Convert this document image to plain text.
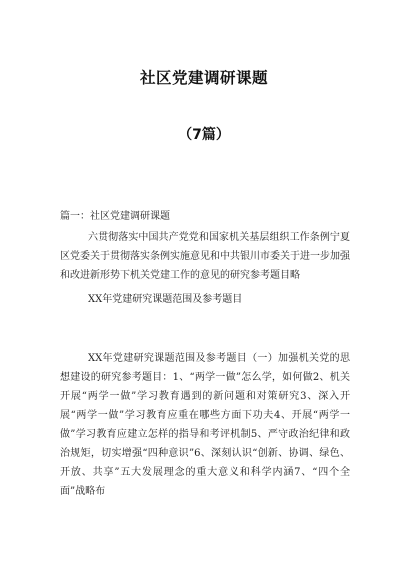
社区党建调研课题
（7篇）
篇一：社区党建调研课题
六贯彻落实中国共产党党和国家机关基层组织工作条例宁夏区党委关于贯彻落实条例实施意见和中共银川市委关于进一步加强和改进新形势下机关党建工作的意见的研究参考题目略
XX年党建研究课题范围及参考题目
XX年党建研究课题范围及参考题目（一）加强机关党的思想建设的研究参考题目：1、“两学一做”怎么学，如何做2、机关开展“两学一做”学习教育遇到的新问题和对策研究3、深入开展“两学一做”学习教育应重在哪些方面下功夫4、开展“两学一做”学习教育应建立怎样的指导和考评机制5、严守政治纪律和政治规矩，切实增强“四种意识”6、深刻认识“创新、协调、绿色、开放、共享”五大发展理念的重大意义和科学内涵7、“四个全面”战略布
